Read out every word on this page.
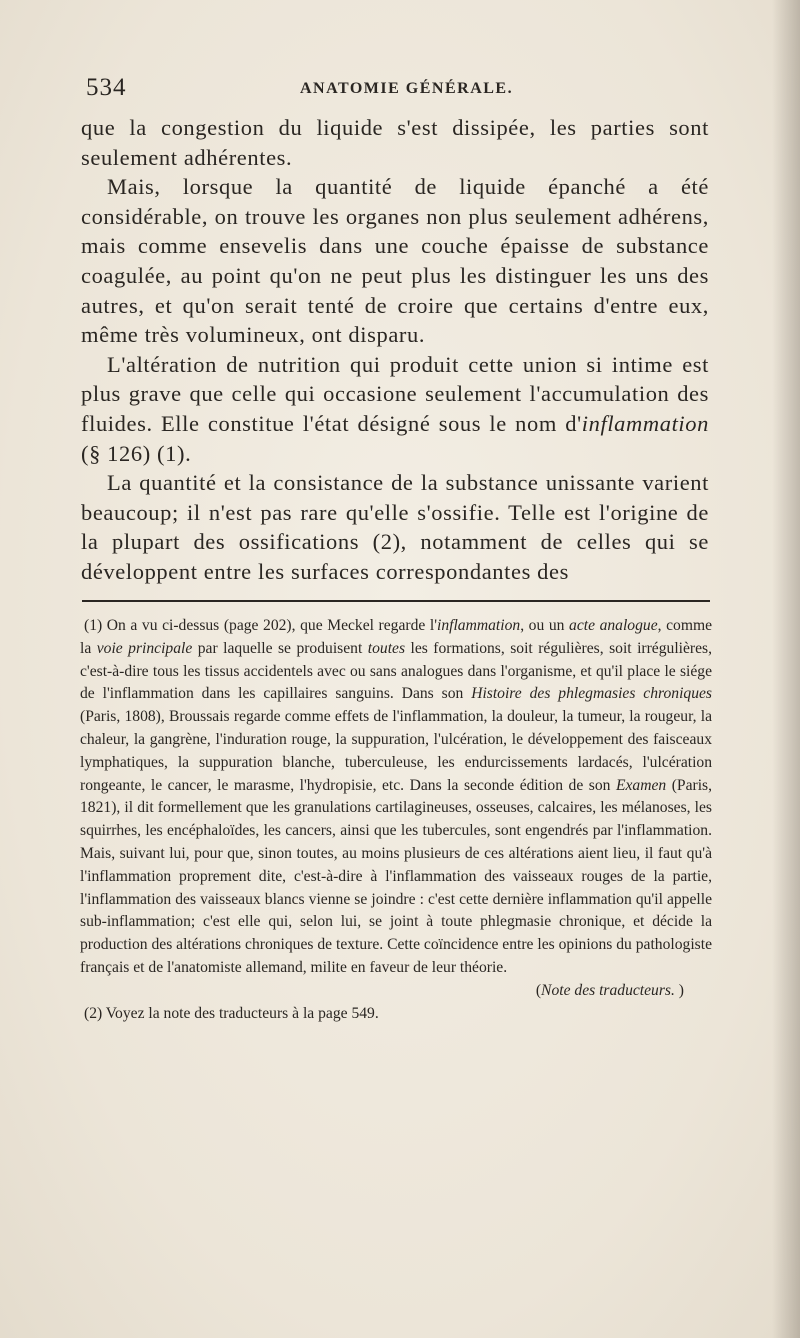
534	ANATOMIE GÉNÉRALE.

que la congestion du liquide s'est dissipée, les parties sont seulement adhérentes.

Mais, lorsque la quantité de liquide épanché a été considérable, on trouve les organes non plus seulement adhérens, mais comme ensevelis dans une couche épaisse de substance coagulée, au point qu'on ne peut plus les distinguer les uns des autres, et qu'on serait tenté de croire que certains d'entre eux, même très volumineux, ont disparu.

L'altération de nutrition qui produit cette union si intime est plus grave que celle qui occasione seulement l'accumulation des fluides. Elle constitue l'état désigné sous le nom d'inflammation (§ 126) (1).

La quantité et la consistance de la substance unissante varient beaucoup; il n'est pas rare qu'elle s'ossifie. Telle est l'origine de la plupart des ossifications (2), notamment de celles qui se développent entre les surfaces correspondantes des

(1) On a vu ci-dessus (page 202), que Meckel regarde l'inflammation, ou un acte analogue, comme la voie principale par laquelle se produisent toutes les formations, soit régulières, soit irrégulières, c'est-à-dire tous les tissus accidentels avec ou sans analogues dans l'organisme, et qu'il place le siége de l'inflammation dans les capillaires sanguins. Dans son Histoire des phlegmasies chroniques (Paris, 1808), Broussais regarde comme effets de l'inflammation, la douleur, la tumeur, la rougeur, la chaleur, la gangrène, l'induration rouge, la suppuration, l'ulcération, le développement des faisceaux lymphatiques, la suppuration blanche, tuberculeuse, les endurcissements lardacés, l'ulcération rongeante, le cancer, le marasme, l'hydropisie, etc. Dans la seconde édition de son Examen (Paris, 1821), il dit formellement que les granulations cartilagineuses, osseuses, calcaires, les mélanoses, les squirrhes, les encéphaloïdes, les cancers, ainsi que les tubercules, sont engendrés par l'inflammation. Mais, suivant lui, pour que, sinon toutes, au moins plusieurs de ces altérations aient lieu, il faut qu'à l'inflammation proprement dite, c'est-à-dire à l'inflammation des vaisseaux rouges de la partie, l'inflammation des vaisseaux blancs vienne se joindre : c'est cette dernière inflammation qu'il appelle sub-inflammation; c'est elle qui, selon lui, se joint à toute phlegmasie chronique, et décide la production des altérations chroniques de texture. Cette coïncidence entre les opinions du pathologiste français et de l'anatomiste allemand, milite en faveur de leur théorie.

(Note des traducteurs. )

(2) Voyez la note des traducteurs à la page 549.
